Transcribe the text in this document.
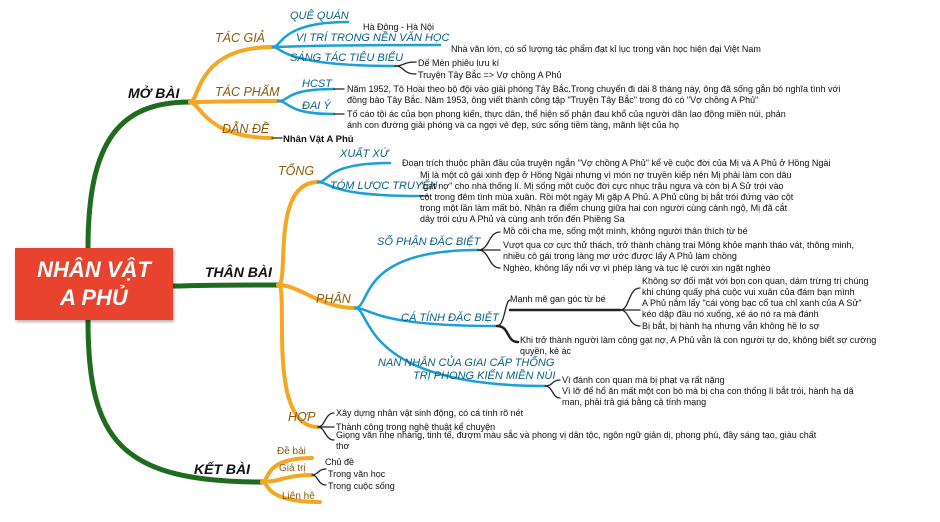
NHÂN VẬT
A PHỦ
MỞ BÀI
THÂN BÀI
KẾT BÀI
TÁC GIẢ
TÁC PHẨM
DẪN ĐỀ
QUÊ QUÁN
Hà Đông - Hà Nội
VỊ TRÍ TRONG NỀN VĂN HỌC
Nhà văn lớn, có số lượng tác phẩm đạt kỉ lục trong văn học hiện đại Việt Nam
SÁNG TÁC TIÊU BIỂU Dế Mèn phiêu lưu kí
Truyện Tây Bắc => Vợ chồng A Phủ
HCST Năm 1952, Tô Hoài theo bộ đội vào giải phóng Tây Bắc.Trong chuyến đi dài 8 tháng này, ông đã sống gắn bó nghĩa tình với
đồng bào Tây Bắc. Năm 1953, ông viết thành công tập "Truyện Tây Bắc" trong đó có "Vợ chồng A Phủ"
ĐẠI Ý
Tố cáo tội ác của bọn phong kiến, thực dân, thể hiện số phận đau khổ của người dân lao động miền núi, phản
ánh con đường giải phóng và ca ngợi vẻ đẹp, sức sống tiềm tàng, mãnh liệt của họ
Nhân Vật A Phủ
TỔNG
XUẤT XỨ
Đoạn trích thuộc phần đầu của truyện ngắn "Vợ chồng A Phủ" kể về cuộc đời của Mị và A Phủ ở Hồng Ngài
TÓM LƯỢC TRUYỆN
Mị là một cô gái xinh đẹp ở Hồng Ngài nhưng vì món nợ truyền kiếp nên Mị phải làm con dâu
"gạt nợ" cho nhà thống lí. Mị sống một cuộc đời cực nhục trâu ngựa và còn bị A Sử trói vào
cột trong đêm tình mùa xuân. Rồi một ngày Mị gặp A Phủ. A Phủ cũng bị bắt trói đứng vào cột
trong một lần làm mất bò. Nhân ra điểm chung giữa hai con người cùng cảnh ngộ, Mị đã cắt
dây trói cứu A Phủ và cùng anh trốn đến Phiềng Sa
PHÂN
SỐ PHẬN ĐẶC BIỆT
Mồ côi cha mẹ, sống một mình, không người thân thích từ bé
Vượt qua cơ cực thử thách, trở thành chàng trai Mông khỏe mạnh tháo vát, thông minh,
nhiều cô gái trong làng mơ ước được lấy A Phủ làm chồng
Nghèo, không lấy nổi vợ vì phép làng và tục lệ cưới xin ngặt nghèo
CÁ TÍNH ĐẶC BIỆT
Mạnh mẽ gan góc từ bé
Không sợ đối mặt với bọn con quan, dám trừng trị chúng
khi chúng quấy phá cuộc vui xuân của đám bạn mình
A Phủ nắm lấy "cái vòng bạc cổ tua chỉ xanh của A Sử"
kéo dập đầu nó xuống, xé áo nó ra mà đánh
Bị bắt, bị hành hạ nhưng vẫn không hề lo sợ
Khi trở thành người làm công gạt nợ, A Phủ vẫn là con người tự do, không biết sợ cường
quyền, kẻ ác
NẠN NHÂN CỦA GIAI CẤP THỐNG
TRỊ PHONG KIẾN MIỀN NÚI Vì đánh con quan mà bị phạt vạ rất nặng
Vì lỡ để hổ ăn mất một con bò mà bị cha con thống lí bắt trói, hành hạ dã
man, phải trả giá bằng cả tính mạng
HỢP Xây dựng nhân vật sinh động, có cá tính rõ nét
Thành công trong nghệ thuật kể chuyện
Giọng văn nhẹ nhàng, tinh tế, đượm màu sắc và phong vị dân tộc, ngôn ngữ giản dị, phong phú, đầy sáng tạo, giàu chất
thơ
Đề bài
Chủ đề
Giá trị Trong văn học
Trong cuộc sống
Liên hệ
